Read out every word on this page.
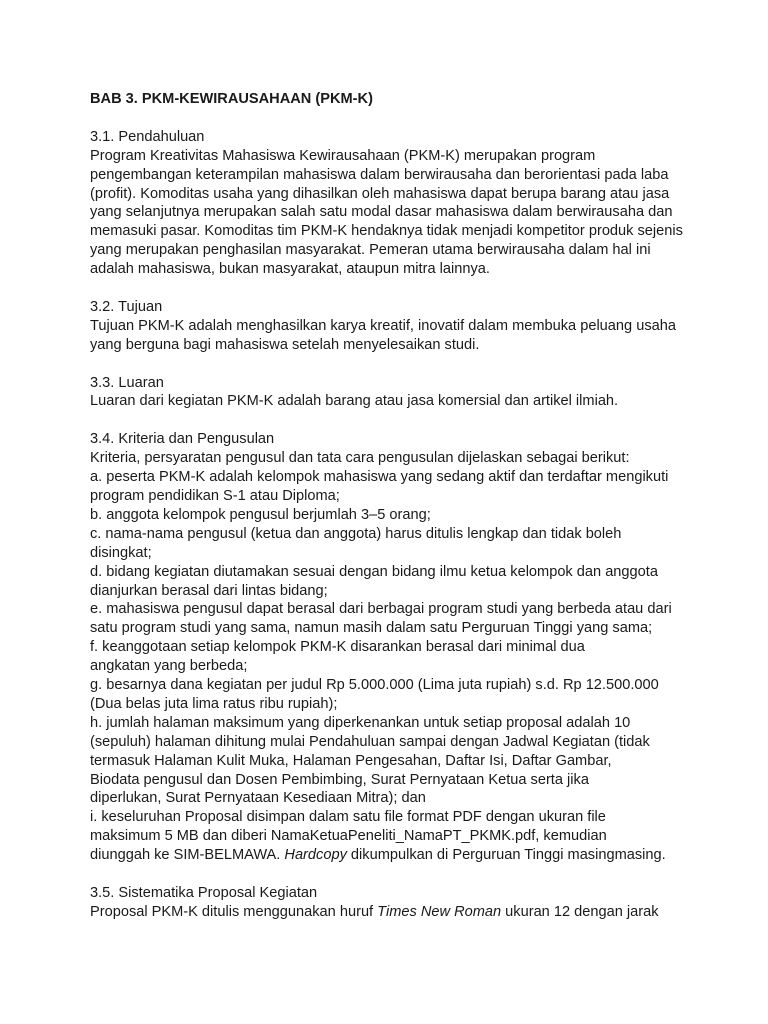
BAB 3. PKM-KEWIRAUSAHAAN (PKM-K)
3.1. Pendahuluan
Program Kreativitas Mahasiswa Kewirausahaan (PKM-K) merupakan program
pengembangan keterampilan mahasiswa dalam berwirausaha dan berorientasi pada laba
(profit). Komoditas usaha yang dihasilkan oleh mahasiswa dapat berupa barang atau jasa
yang selanjutnya merupakan salah satu modal dasar mahasiswa dalam berwirausaha dan
memasuki pasar. Komoditas tim PKM-K hendaknya tidak menjadi kompetitor produk sejenis
yang merupakan penghasilan masyarakat. Pemeran utama berwirausaha dalam hal ini
adalah mahasiswa, bukan masyarakat, ataupun mitra lainnya.
3.2. Tujuan
Tujuan PKM-K adalah menghasilkan karya kreatif, inovatif dalam membuka peluang usaha
yang berguna bagi mahasiswa setelah menyelesaikan studi.
3.3. Luaran
Luaran dari kegiatan PKM-K adalah barang atau jasa komersial dan artikel ilmiah.
3.4. Kriteria dan Pengusulan
Kriteria, persyaratan pengusul dan tata cara pengusulan dijelaskan sebagai berikut:
a. peserta PKM-K adalah kelompok mahasiswa yang sedang aktif dan terdaftar mengikuti
program pendidikan S-1 atau Diploma;
b. anggota kelompok pengusul berjumlah 3–5 orang;
c. nama-nama pengusul (ketua dan anggota) harus ditulis lengkap dan tidak boleh
disingkat;
d. bidang kegiatan diutamakan sesuai dengan bidang ilmu ketua kelompok dan anggota
dianjurkan berasal dari lintas bidang;
e. mahasiswa pengusul dapat berasal dari berbagai program studi yang berbeda atau dari
satu program studi yang sama, namun masih dalam satu Perguruan Tinggi yang sama;
f. keanggotaan setiap kelompok PKM-K disarankan berasal dari minimal dua
angkatan yang berbeda;
g. besarnya dana kegiatan per judul Rp 5.000.000 (Lima juta rupiah) s.d. Rp 12.500.000
(Dua belas juta lima ratus ribu rupiah);
h. jumlah halaman maksimum yang diperkenankan untuk setiap proposal adalah 10
(sepuluh) halaman dihitung mulai Pendahuluan sampai dengan Jadwal Kegiatan (tidak
termasuk Halaman Kulit Muka, Halaman Pengesahan, Daftar Isi, Daftar Gambar,
Biodata pengusul dan Dosen Pembimbing, Surat Pernyataan Ketua serta jika
diperlukan, Surat Pernyataan Kesediaan Mitra); dan
i. keseluruhan Proposal disimpan dalam satu file format PDF dengan ukuran file
maksimum 5 MB dan diberi NamaKetuaPeneliti_NamaPT_PKMK.pdf, kemudian
diunggah ke SIM-BELMAWA. Hardcopy dikumpulkan di Perguruan Tinggi masingmasing.
3.5. Sistematika Proposal Kegiatan
Proposal PKM-K ditulis menggunakan huruf Times New Roman ukuran 12 dengan jarak
